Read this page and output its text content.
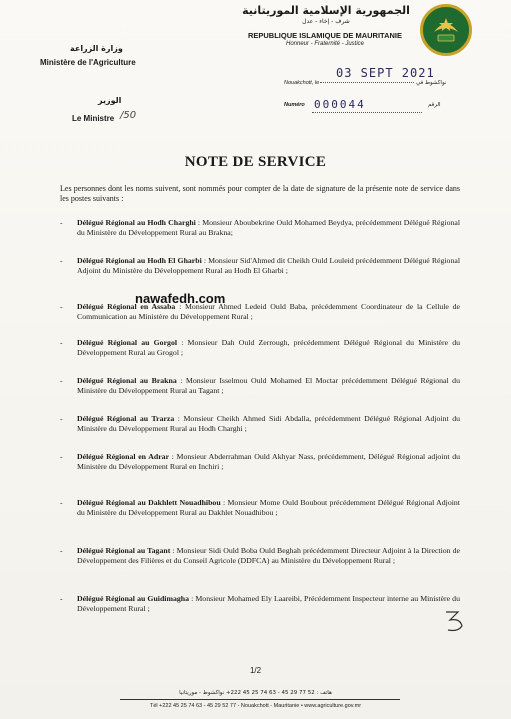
الجمهورية الإسلامية الموريتانية
شرف - إخاء - عدل
REPUBLIQUE ISLAMIQUE DE MAURITANIE
Honneur - Fraternité - Justice
وزارة الزراعة
Ministère de l'Agriculture
الوزير
Le Ministre /50
03 SEPT 2021
Nouakchott, le	نواكشوط في
000044
Numéro	الرقم
NOTE DE SERVICE
Les personnes dont les noms suivent, sont nommés pour compter de la date de signature de la présente note de service dans les postes suivants :
- Délégué Régional au Hodh Charghi : Monsieur Aboubekrine Ould Mohamed Beydya, précédemment Délégué Régional du Ministère du Développement Rural au Brakna;
- Délégué Régional au Hodh El Gharbi : Monsieur Sid'Ahmed dit Cheikh Ould Louleid précédemment Délégué Régional Adjoint du Ministère du Développement Rural au Hodh El Gharbi ;
- Délégué Régional en Assaba : Monsieur Ahmed Ledeid Ould Baba, précédemment Coordinateur de la Cellule de Communication au Ministère du Développement Rural ;
- Délégué Régional au Gorgol : Monsieur Dah Ould Zerrough, précédemment Délégué Régional du Ministère du Développement Rural au Grogol ;
- Délégué Régional au Brakna : Monsieur Isselmou Ould Mohamed El Moctar précédemment Délégué Régional du Ministère du Développement Rural au Tagant ;
- Délégué Régional au Trarza : Monsieur Cheikh Ahmed Sidi Abdalla, précédemment Délégué Régional Adjoint du Ministère du Développement Rural au Hodh Charghi ;
- Délégué Régional en Adrar : Monsieur Abderrahman Ould Akhyar Nass, précédemment, Délégué Régional adjoint du Ministère du Développement Rural en Inchiri ;
- Délégué Régional au Dakhlett Nouadhibou : Monsieur Mome Ould Boubout précédemment Délégué Régional Adjoint du Ministère du Développement Rural au Dakhlet Nouadhibou ;
- Délégué Régional au Tagant : Monsieur Sidi Ould Boba Ould Beghah précédemment Directeur Adjoint à la Direction de Développement des Filières et du Conseil Agricole (DDFCA) au Ministère du Développement Rural ;
- Délégué Régional au Guidimagha : Monsieur Mohamed Ely Laareibi, Précédemment Inspecteur interne au Ministère du Développement Rural ;
nawafedh.com
1/2
هاتف : 52 77 29 45 - 63 74 25 45 222+ نواكشوط - موريتانيا
Tél +222 45 25 74 63 - 45 29 52 77 - Nouakchott - Mauritanie • www.agriculture.gov.mr
